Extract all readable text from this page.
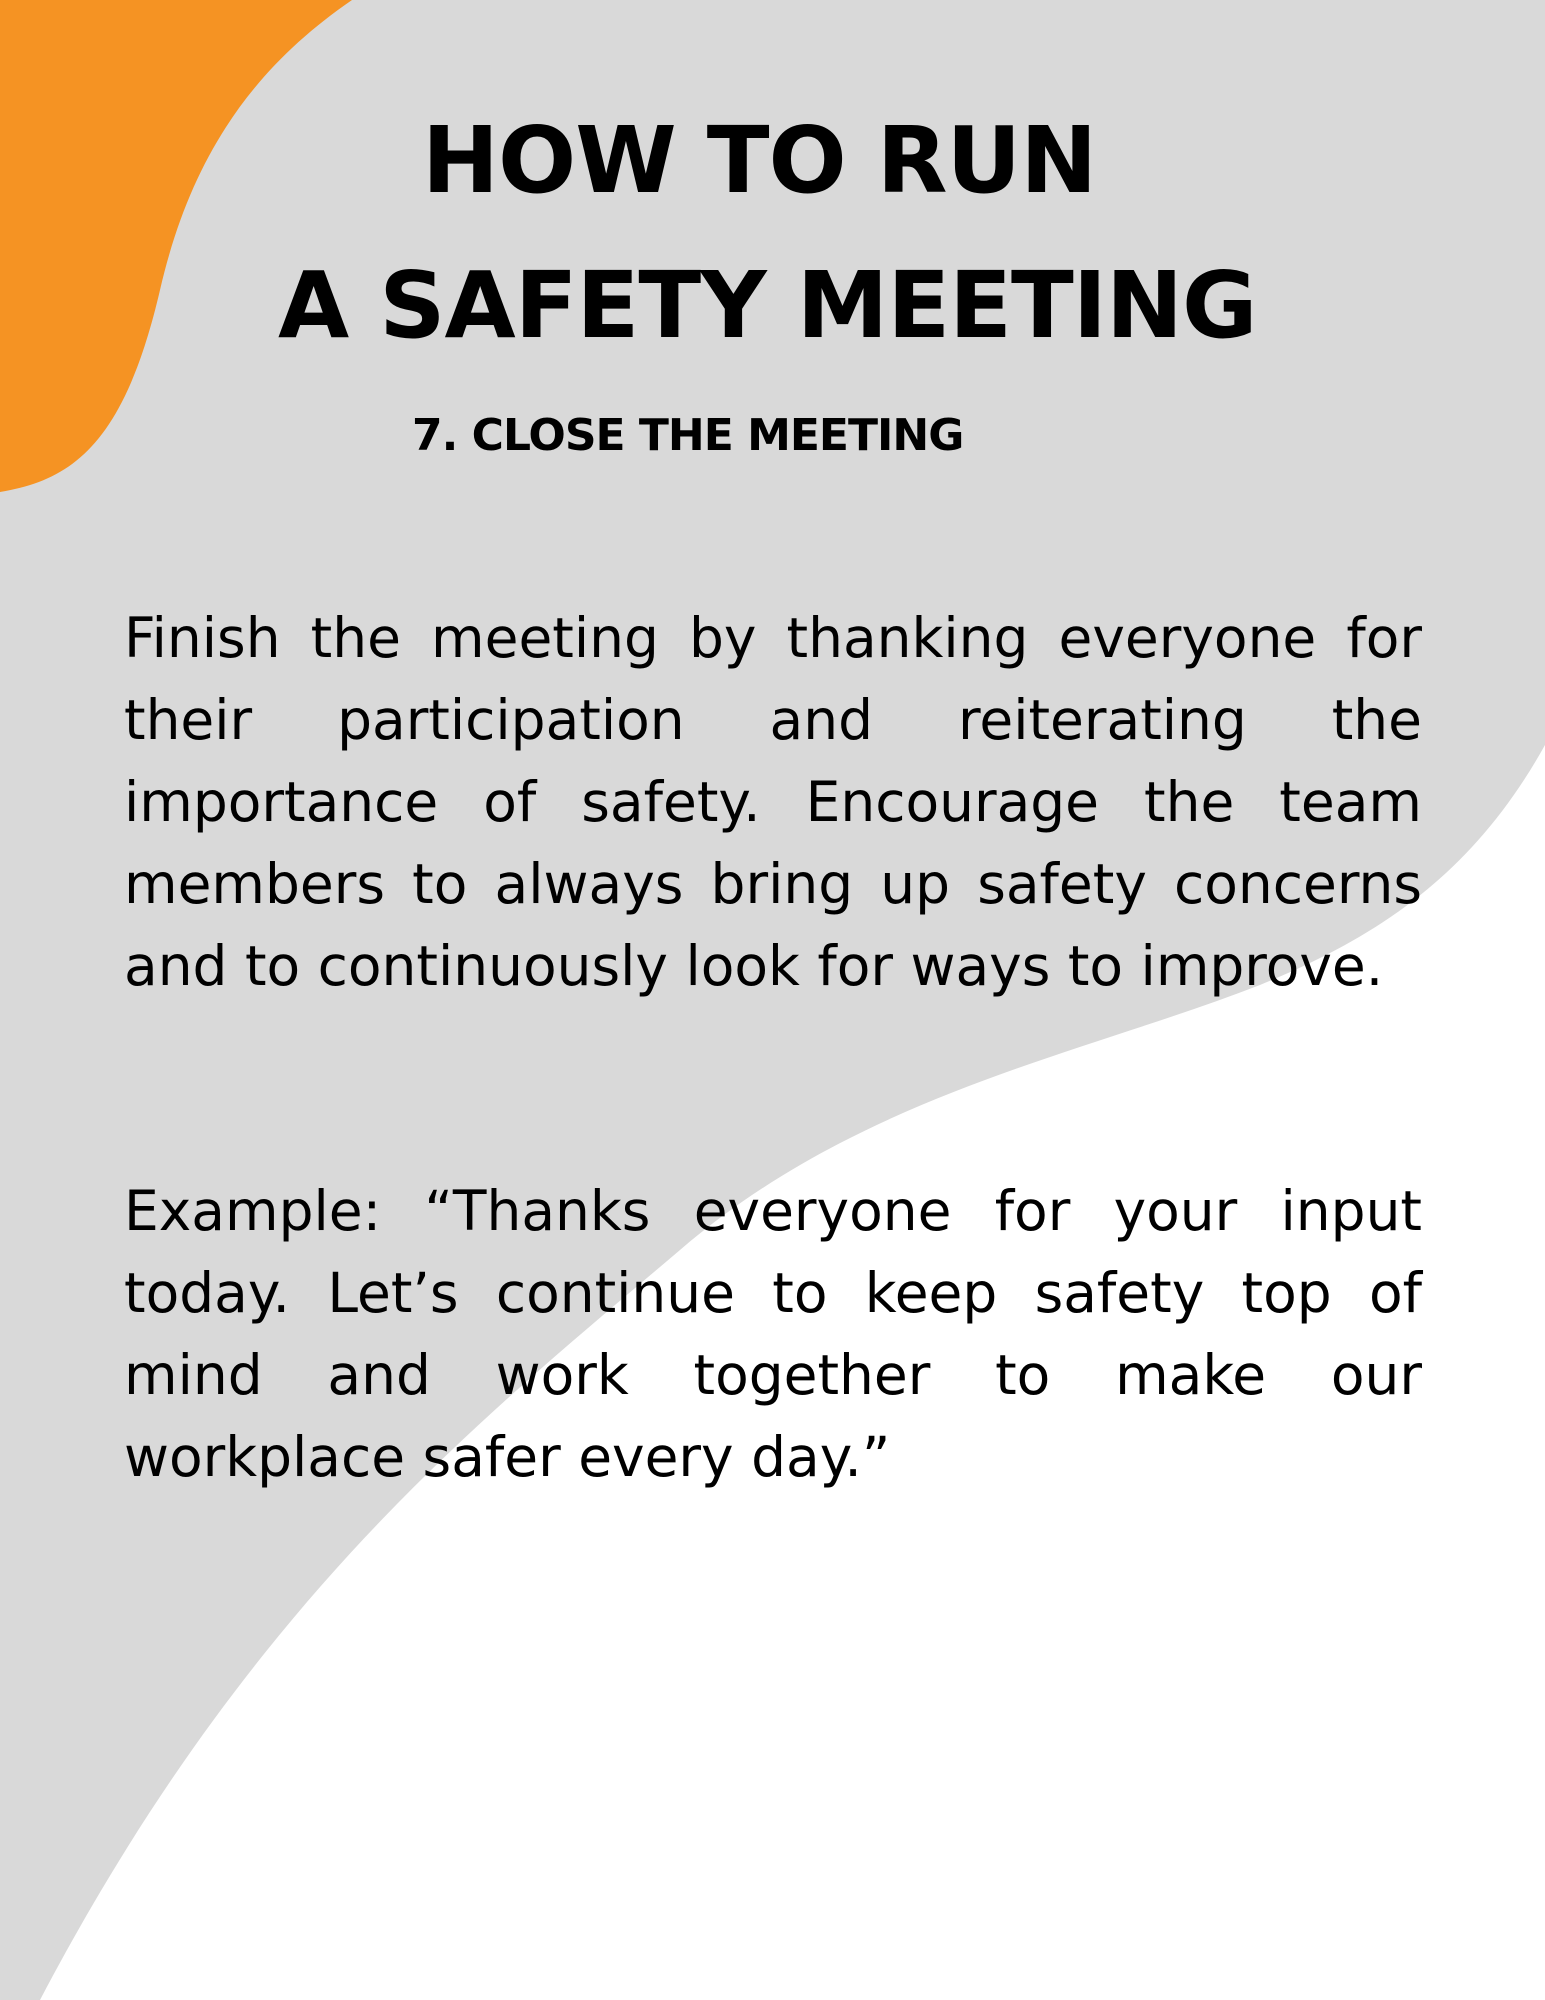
HOW TO RUN
A SAFETY MEETING
7. CLOSE THE MEETING

Finish the meeting by thanking everyone for their participation and reiterating the importance of safety. Encourage the team members to always bring up safety concerns and to continuously look for ways to improve.

Example: “Thanks everyone for your input today. Let’s continue to keep safety top of mind and work together to make our workplace safer every day.”
